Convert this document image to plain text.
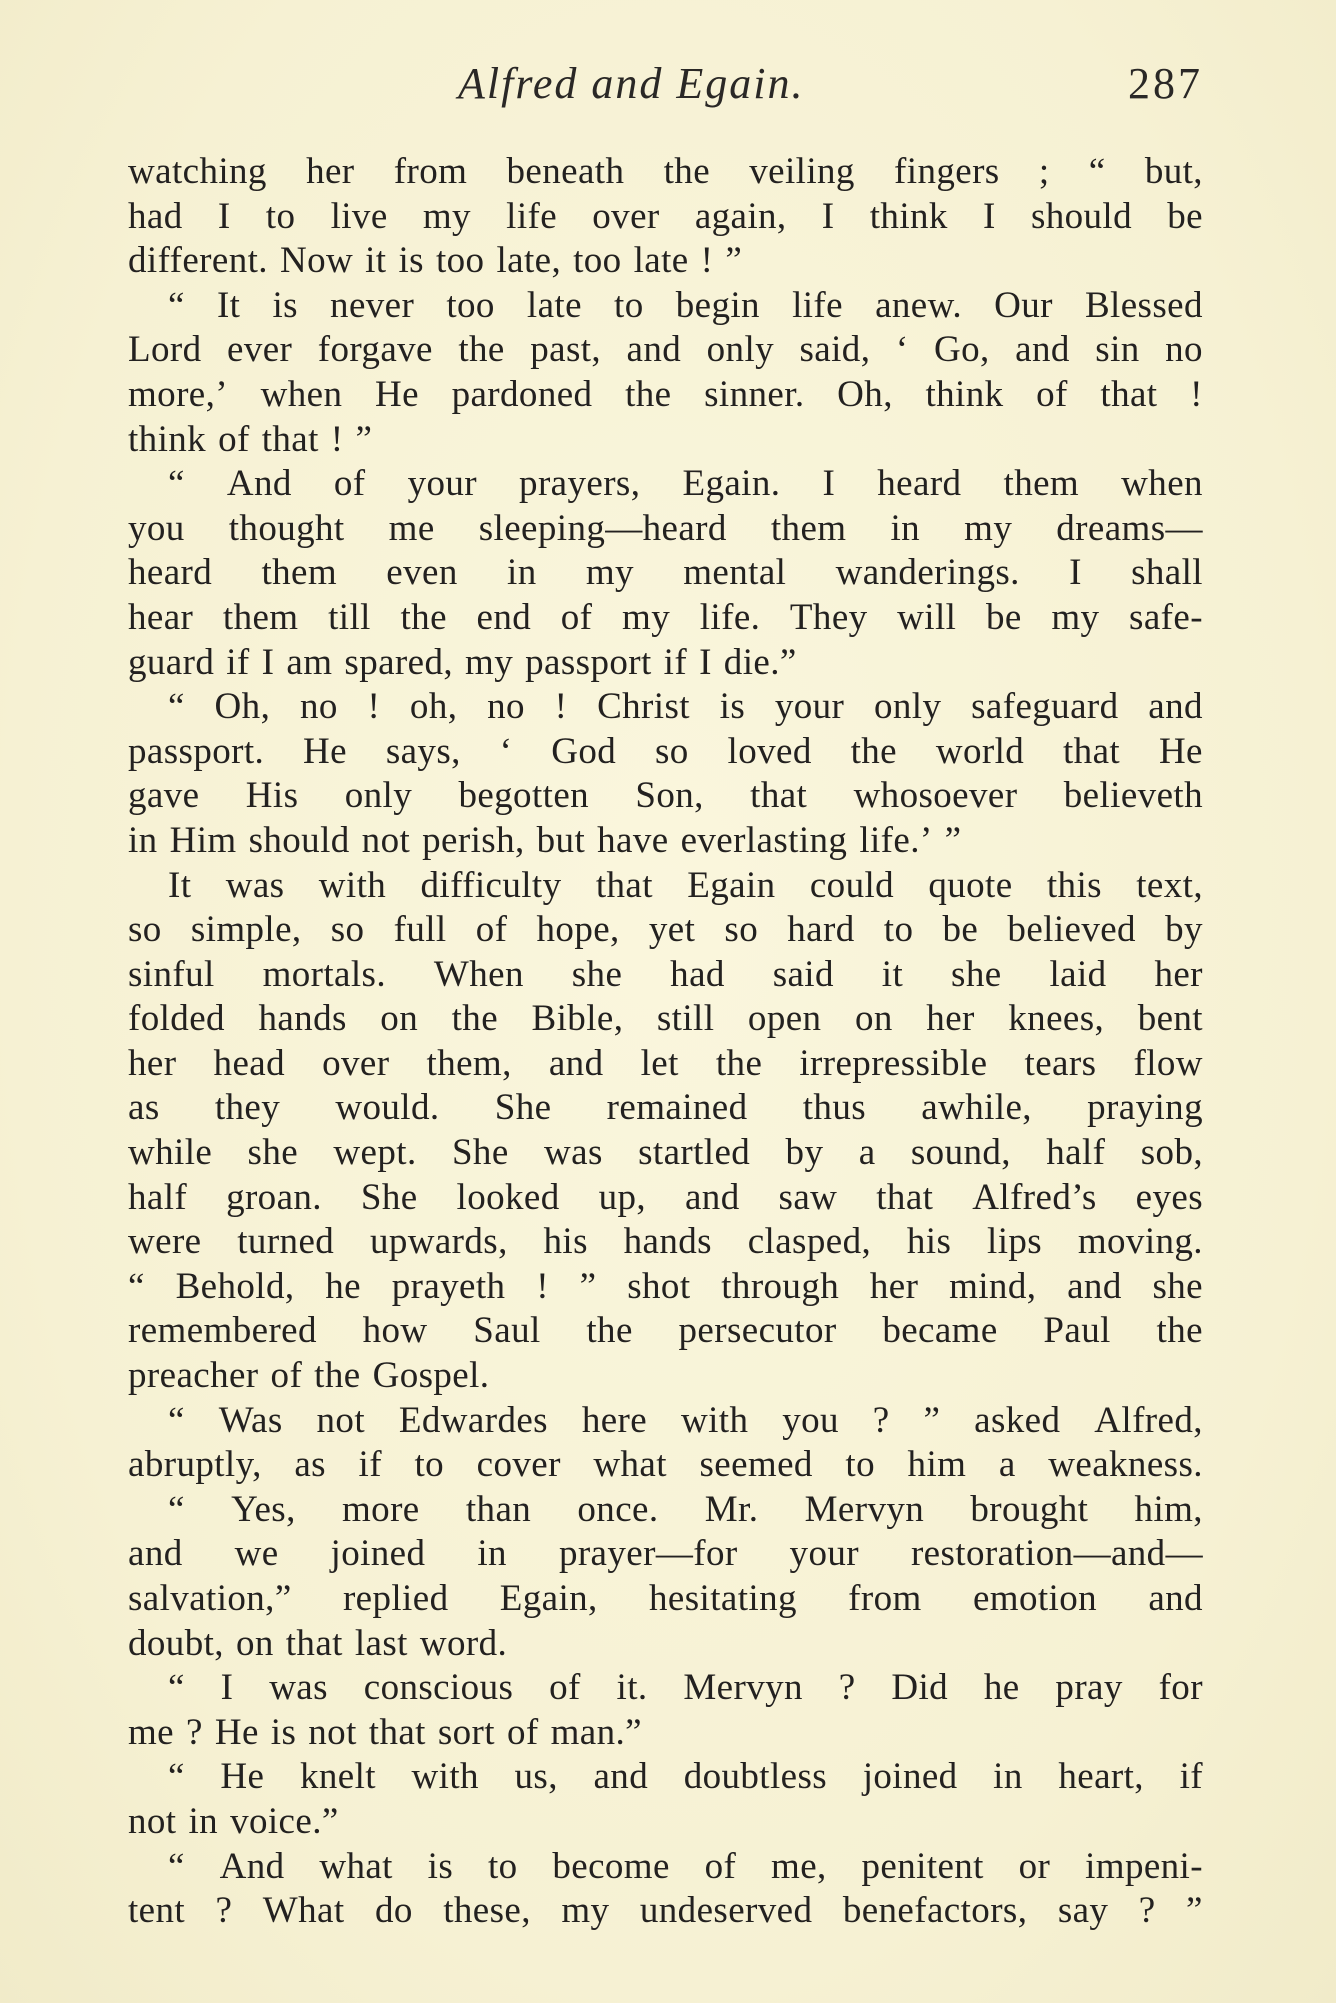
Alfred and Egain.	287
watching her from beneath the veiling fingers ; “ but,
had I to live my life over again, I think I should be
different. Now it is too late, too late ! ”
“ It is never too late to begin life anew. Our Blessed
Lord ever forgave the past, and only said, ‘ Go, and sin no
more,’ when He pardoned the sinner. Oh, think of that !
think of that ! ”
“ And of your prayers, Egain. I heard them when
you thought me sleeping—heard them in my dreams—
heard them even in my mental wanderings. I shall
hear them till the end of my life. They will be my safe-
guard if I am spared, my passport if I die.”
“ Oh, no ! oh, no ! Christ is your only safeguard and
passport. He says, ‘ God so loved the world that He
gave His only begotten Son, that whosoever believeth
in Him should not perish, but have everlasting life.’ ”
It was with difficulty that Egain could quote this text,
so simple, so full of hope, yet so hard to be believed by
sinful mortals. When she had said it she laid her
folded hands on the Bible, still open on her knees, bent
her head over them, and let the irrepressible tears flow
as they would. She remained thus awhile, praying
while she wept. She was startled by a sound, half sob,
half groan. She looked up, and saw that Alfred’s eyes
were turned upwards, his hands clasped, his lips moving.
“ Behold, he prayeth ! ” shot through her mind, and she
remembered how Saul the persecutor became Paul the
preacher of the Gospel.
“ Was not Edwardes here with you ? ” asked Alfred,
abruptly, as if to cover what seemed to him a weakness.
“ Yes, more than once. Mr. Mervyn brought him,
and we joined in prayer—for your restoration—and—
salvation,” replied Egain, hesitating from emotion and
doubt, on that last word.
“ I was conscious of it. Mervyn ? Did he pray for
me ? He is not that sort of man.”
“ He knelt with us, and doubtless joined in heart, if
not in voice.”
“ And what is to become of me, penitent or impeni-
tent ? What do these, my undeserved benefactors, say ? ”
